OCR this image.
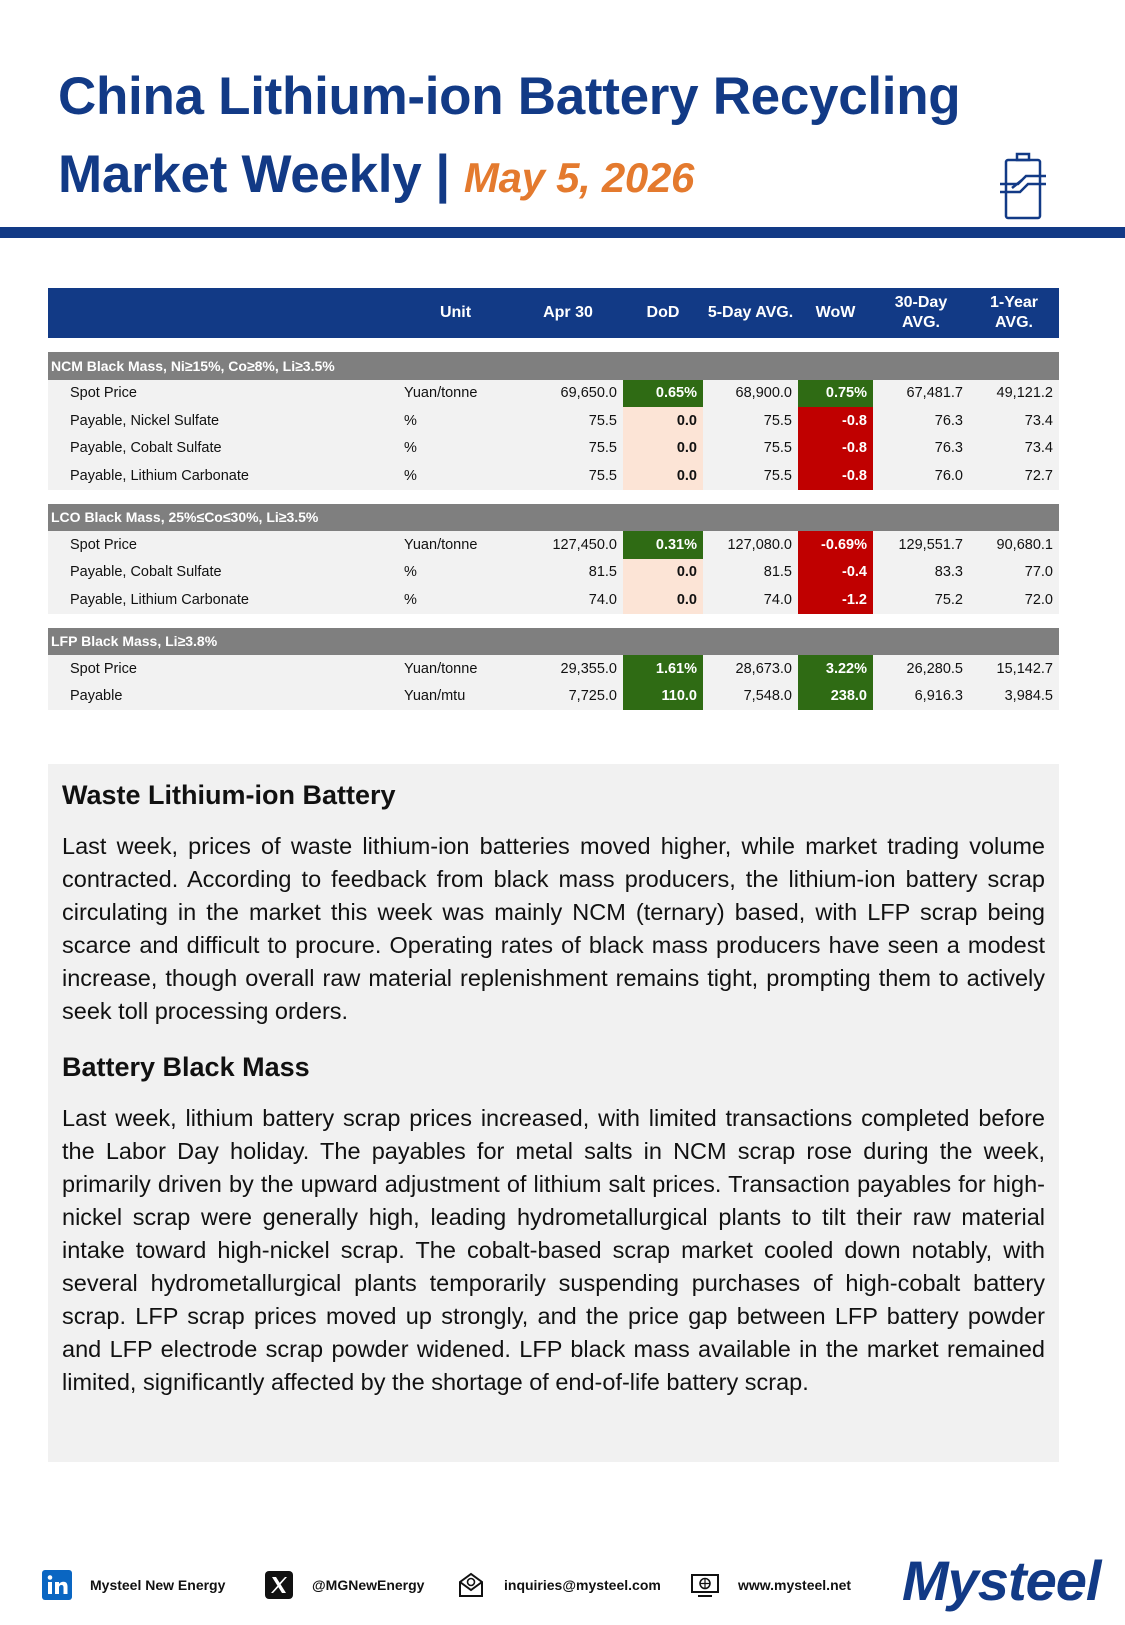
China Lithium-ion Battery Recycling
Market Weekly | May 5, 2026
	Unit	Apr 30	DoD	5-Day AVG.	WoW	30-Day AVG.	1-Year AVG.

NCM Black Mass, Ni≥15%, Co≥8%, Li≥3.5%							
Spot Price	Yuan/tonne	69,650.0	0.65%	68,900.0	0.75%	67,481.7	49,121.2
Payable, Nickel Sulfate	%	75.5	0.0	75.5	-0.8	76.3	73.4
Payable, Cobalt Sulfate	%	75.5	0.0	75.5	-0.8	76.3	73.4
Payable, Lithium Carbonate	%	75.5	0.0	75.5	-0.8	76.0	72.7

LCO Black Mass, 25%≤Co≤30%, Li≥3.5%							
Spot Price	Yuan/tonne	127,450.0	0.31%	127,080.0	-0.69%	129,551.7	90,680.1
Payable, Cobalt Sulfate	%	81.5	0.0	81.5	-0.4	83.3	77.0
Payable, Lithium Carbonate	%	74.0	0.0	74.0	-1.2	75.2	72.0

LFP Black Mass, Li≥3.8%							
Spot Price	Yuan/tonne	29,355.0	1.61%	28,673.0	3.22%	26,280.5	15,142.7
Payable	Yuan/mtu	7,725.0	110.0	7,548.0	238.0	6,916.3	3,984.5
Waste Lithium-ion Battery

Last week, prices of waste lithium-ion batteries moved higher, while market trading volume contracted. According to feedback from black mass producers, the lithium-ion battery scrap circulating in the market this week was mainly NCM (ternary) based, with LFP scrap being scarce and difficult to procure. Operating rates of black mass producers have seen a modest increase, though overall raw material replenishment remains tight, prompting them to actively seek toll processing orders.

Battery Black Mass

Last week, lithium battery scrap prices increased, with limited transactions completed before the Labor Day holiday. The payables for metal salts in NCM scrap rose during the week, primarily driven by the upward adjustment of lithium salt prices. Transaction payables for high-nickel scrap were generally high, leading hydrometallurgical plants to tilt their raw material intake toward high-nickel scrap. The cobalt-based scrap market cooled down notably, with several hydrometallurgical plants temporarily suspending purchases of high-cobalt battery scrap. LFP scrap prices moved up strongly, and the price gap between LFP battery powder and LFP electrode scrap powder widened. LFP black mass available in the market remained limited, significantly affected by the shortage of end-of-life battery scrap.

Mysteel New Energy	@MGNewEnergy	inquiries@mysteel.com	www.mysteel.net Mysteel
